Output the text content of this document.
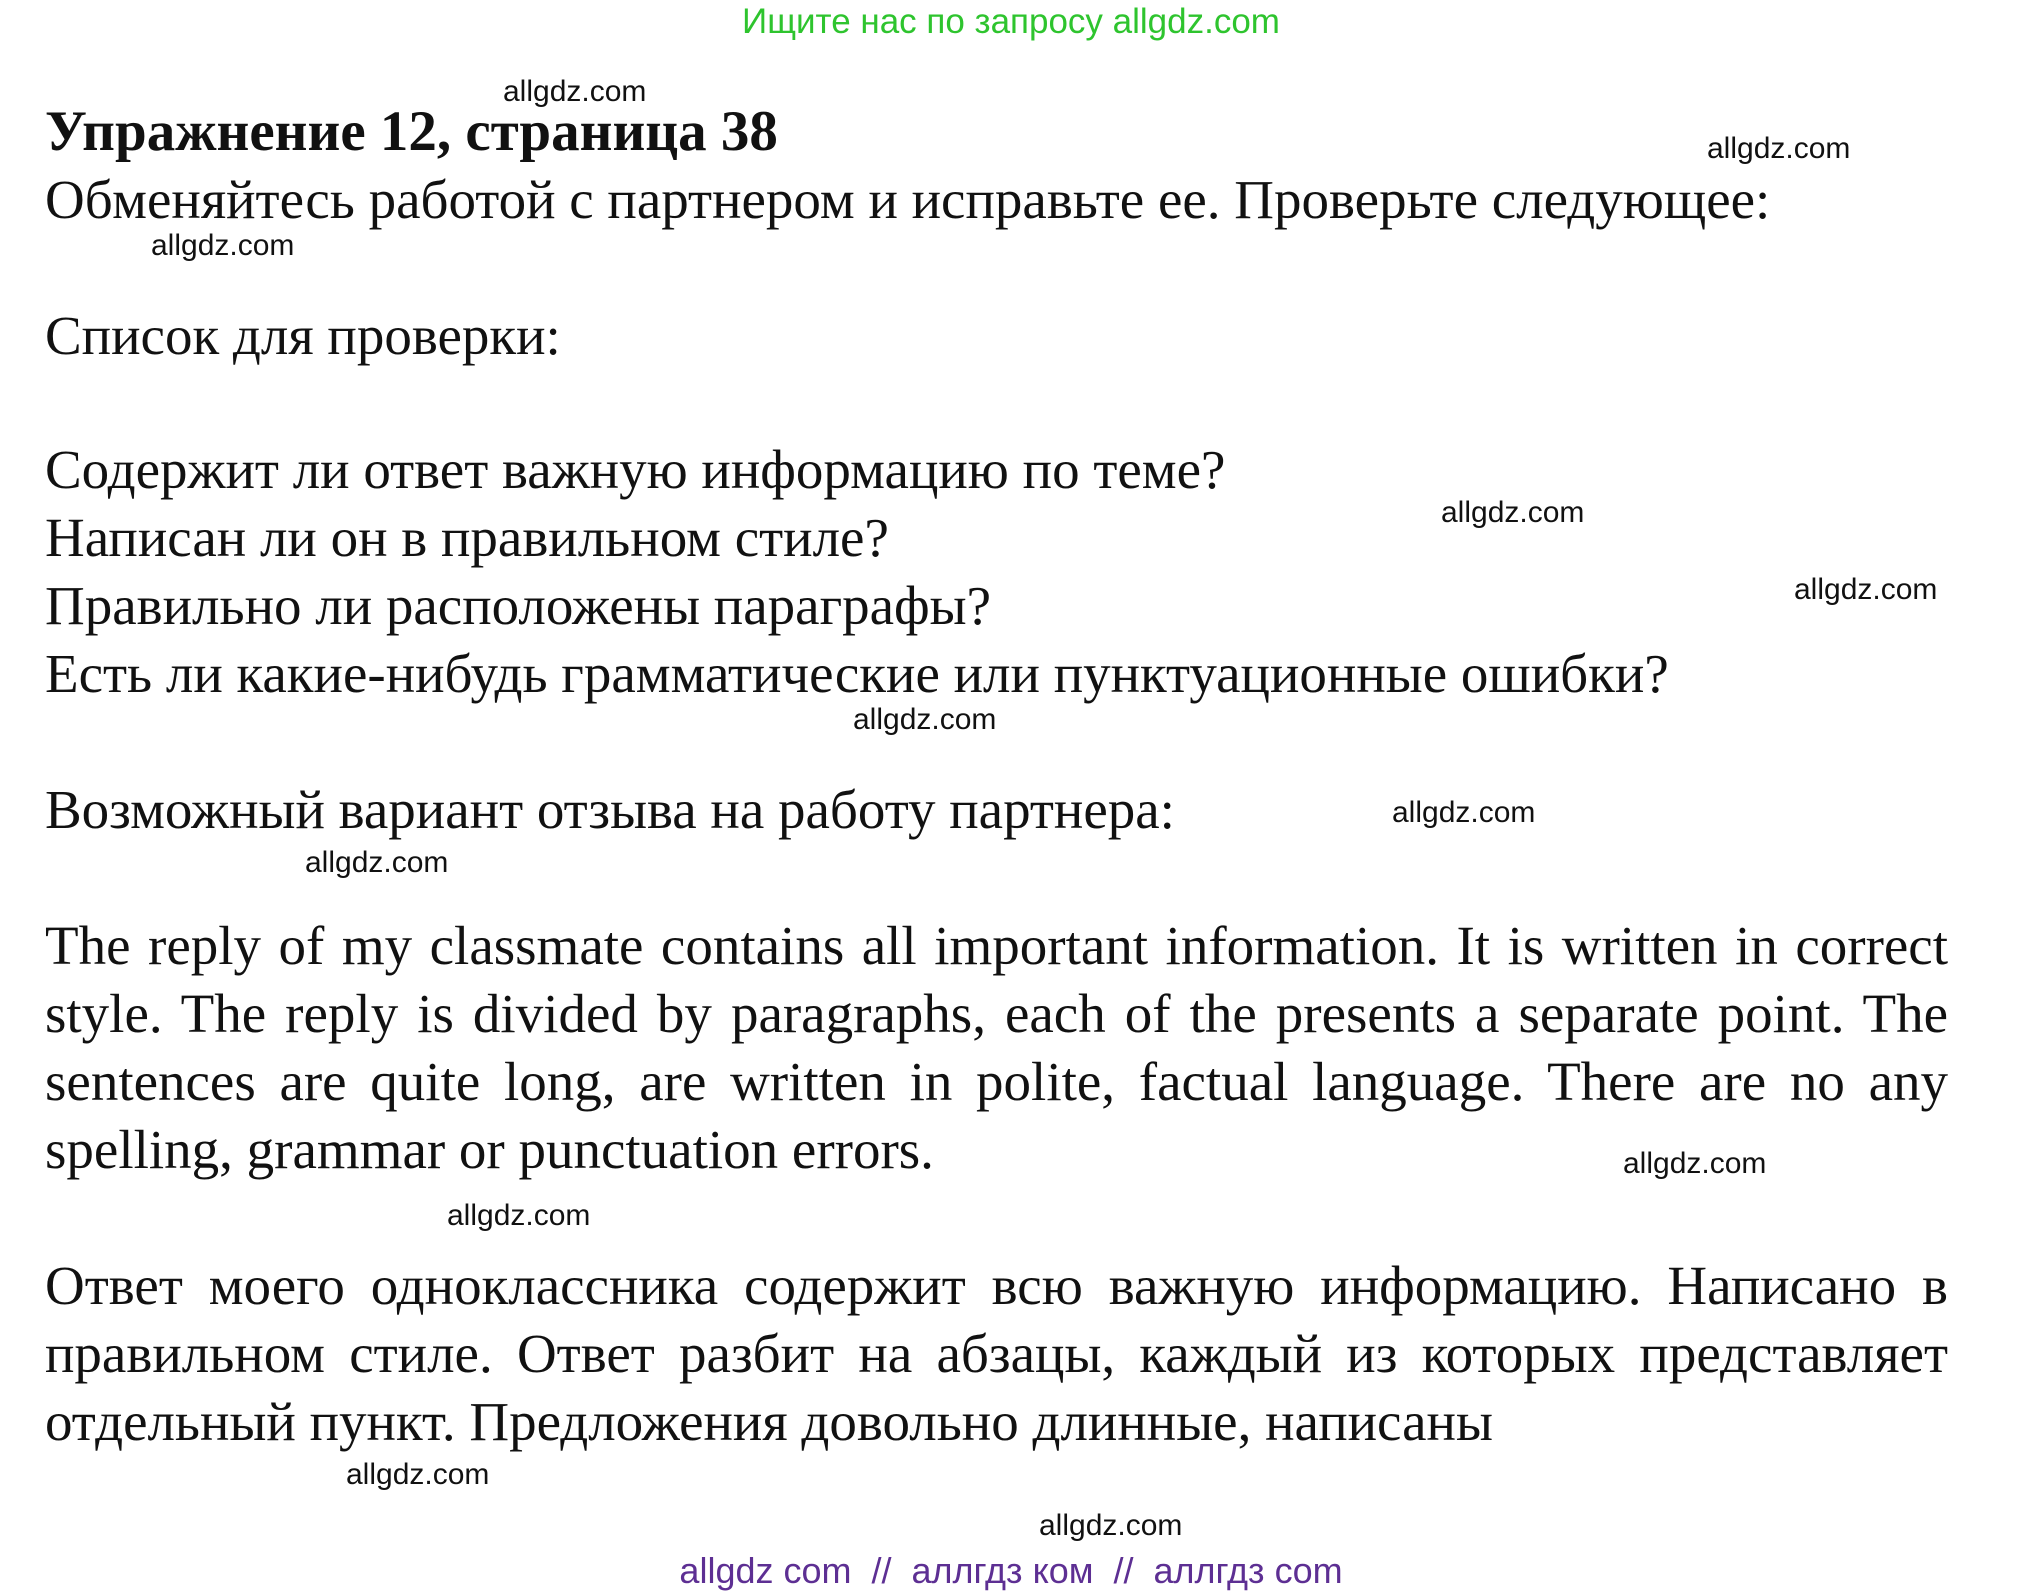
Ищите нас по запросу allgdz.com
Упражнение 12, страница 38
Обменяйтесь работой с партнером и исправьте ее. Проверьте следующее:
Список для проверки:
Содержит ли ответ важную информацию по теме?
Написан ли он в правильном стиле?
Правильно ли расположены параграфы?
Есть ли какие-нибудь грамматические или пунктуационные ошибки?
Возможный вариант отзыва на работу партнера:
The reply of my classmate contains all important information. It is written in correct style. The reply is divided by paragraphs, each of the presents a separate point. The sentences are quite long, are written in polite, factual language. There are no any spelling, grammar or punctuation errors.
Ответ моего одноклассника содержит всю важную информацию. Написано в правильном стиле. Ответ разбит на абзацы, каждый из которых представляет отдельный пункт. Предложения довольно длинные, написаны
allgdz.com
allgdz.com
allgdz.com
allgdz.com
allgdz.com
allgdz.com
allgdz.com
allgdz.com
allgdz.com
allgdz.com
allgdz.com
allgdz.com
allgdz com  //  аллгдз ком  //  аллгдз com
